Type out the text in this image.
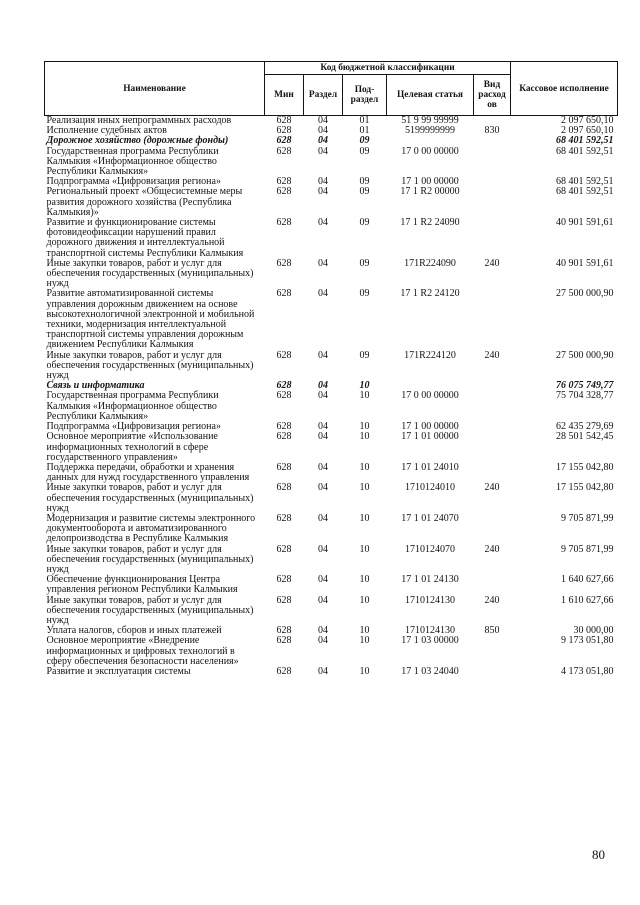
Наименование	Код бюджетной классификации					Кассовое исполнение
	Мин	Раздел	Под-раздел	Целевая статья	Вид расход ов	
Реализация иных непрограммных расходов	628	04	01	51 9 99 99999		2 097 650,10
Исполнение судебных актов	628	04	01	5199999999	830	2 097 650,10
Дорожное хозяйство (дорожные фонды)	628	04	09			68 401 592,51
Государственная программа Республики Калмыкия «Информационное общество Республики Калмыкия»	628	04	09	17 0 00 00000		68 401 592,51
Подпрограмма «Цифровизация региона»	628	04	09	17 1 00 00000		68 401 592,51
Региональный проект «Общесистемные меры развития дорожного хозяйства (Республика Калмыкия)»	628	04	09	17 1 R2 00000		68 401 592,51
Развитие и функционирование системы фотовидеофиксации нарушений правил дорожного движения и интеллектуальной транспортной системы Республики Калмыкия	628	04	09	17 1 R2 24090		40 901 591,61
Иные закупки товаров, работ и услуг для обеспечения государственных (муниципальных) нужд	628	04	09	171R224090	240	40 901 591,61
Развитие автоматизированной системы управления дорожным движением на основе высокотехнологичной электронной и мобильной техники, модернизация интеллектуальной транспортной системы управления дорожным движением Республики Калмыкия	628	04	09	17 1 R2 24120		27 500 000,90
Иные закупки товаров, работ и услуг для обеспечения государственных (муниципальных) нужд	628	04	09	171R224120	240	27 500 000,90
Связь и информатика	628	04	10			76 075 749,77
Государственная программа Республики Калмыкия «Информационное общество Республики Калмыкия»	628	04	10	17 0 00 00000		75 704 328,77
Подпрограмма «Цифровизация региона»	628	04	10	17 1 00 00000		62 435 279,69
Основное мероприятие «Использование информационных технологий в сфере государственного управления»	628	04	10	17 1 01 00000		28 501 542,45
Поддержка передачи, обработки и хранения данных для нужд государственного управления	628	04	10	17 1 01 24010		17 155 042,80
Иные закупки товаров, работ и услуг для обеспечения государственных (муниципальных) нужд	628	04	10	1710124010	240	17 155 042,80
Модернизация и развитие системы электронного документооборота и автоматизированного делопроизводства в Республике Калмыкия	628	04	10	17 1 01 24070		9 705 871,99
Иные закупки товаров, работ и услуг для обеспечения государственных (муниципальных) нужд	628	04	10	1710124070	240	9 705 871,99
Обеспечение функционирования Центра управления регионом Республики Калмыкия	628	04	10	17 1 01 24130		1 640 627,66
Иные закупки товаров, работ и услуг для обеспечения государственных (муниципальных) нужд	628	04	10	1710124130	240	1 610 627,66
Уплата налогов, сборов и иных платежей	628	04	10	1710124130	850	30 000,00
Основное мероприятие «Внедрение информационных и цифровых технологий в сферу обеспечения безопасности населения»	628	04	10	17 1 03 00000		9 173 051,80
Развитие и эксплуатация системы	628	04	10	17 1 03 24040		4 173 051,80
80
